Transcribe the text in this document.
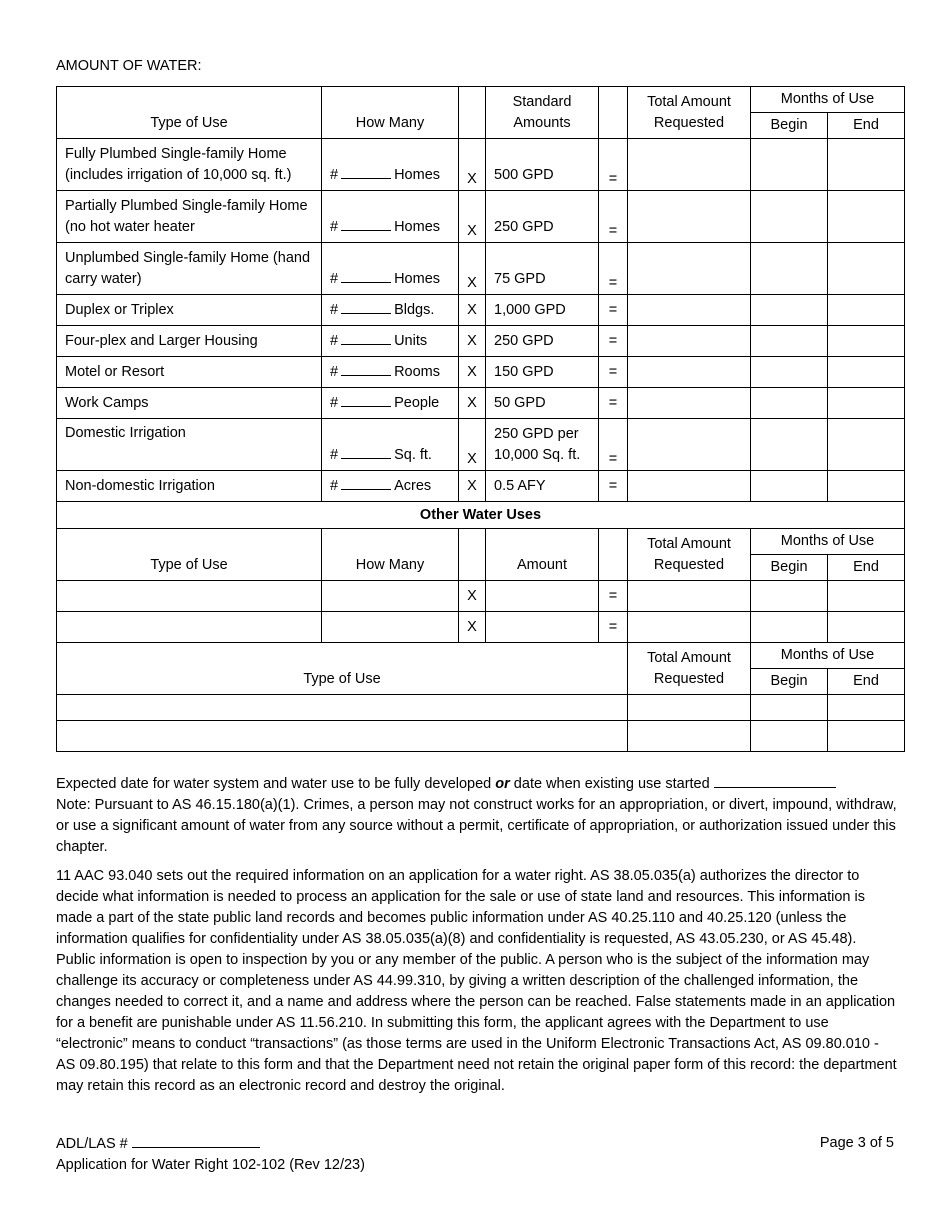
AMOUNT OF WATER:
Type of Use	How Many		Standard Amounts		Total Amount Requested	Months of Use	
						Begin	End
Fully Plumbed Single-family Home (includes irrigation of 10,000 sq. ft.)	# Homes	X	500 GPD	=			
Partially Plumbed Single-family Home (no hot water heater	# Homes	X	250 GPD	=			
Unplumbed Single-family Home (hand carry water)	# Homes	X	75 GPD	=			
Duplex or Triplex	# Bldgs.	X	1,000 GPD	=			
Four-plex and Larger Housing	# Units	X	250 GPD	=			
Motel or Resort	# Rooms	X	150 GPD	=			
Work Camps	# People	X	50 GPD	=			
Domestic Irrigation	# Sq. ft.	X	250 GPD per 10,000 Sq. ft.	=			
Non-domestic Irrigation	# Acres	X	0.5 AFY	=			
Other Water Uses							
Type of Use	How Many		Amount		Total Amount Requested	Months of Use	
						Begin	End
		X		=			
		X		=			
Type of Use					Total Amount Requested	Months of Use	
						Begin	End

Expected date for water system and water use to be fully developed or date when existing use started
Note: Pursuant to AS 46.15.180(a)(1). Crimes, a person may not construct works for an appropriation, or divert, impound, withdraw, or use a significant amount of water from any source without a permit, certificate of appropriation, or authorization issued under this chapter.

11 AAC 93.040 sets out the required information on an application for a water right. AS 38.05.035(a) authorizes the director to decide what information is needed to process an application for the sale or use of state land and resources. This information is made a part of the state public land records and becomes public information under AS 40.25.110 and 40.25.120 (unless the information qualifies for confidentiality under AS 38.05.035(a)(8) and confidentiality is requested, AS 43.05.230, or AS 45.48). Public information is open to inspection by you or any member of the public. A person who is the subject of the information may challenge its accuracy or completeness under AS 44.99.310, by giving a written description of the challenged information, the changes needed to correct it, and a name and address where the person can be reached. False statements made in an application for a benefit are punishable under AS 11.56.210. In submitting this form, the applicant agrees with the Department to use “electronic” means to conduct “transactions” (as those terms are used in the Uniform Electronic Transactions Act, AS 09.80.010 - AS 09.80.195) that relate to this form and that the Department need not retain the original paper form of this record: the department may retain this record as an electronic record and destroy the original.

ADL/LAS #
Application for Water Right 102-102 (Rev 12/23)
Page 3 of 5
